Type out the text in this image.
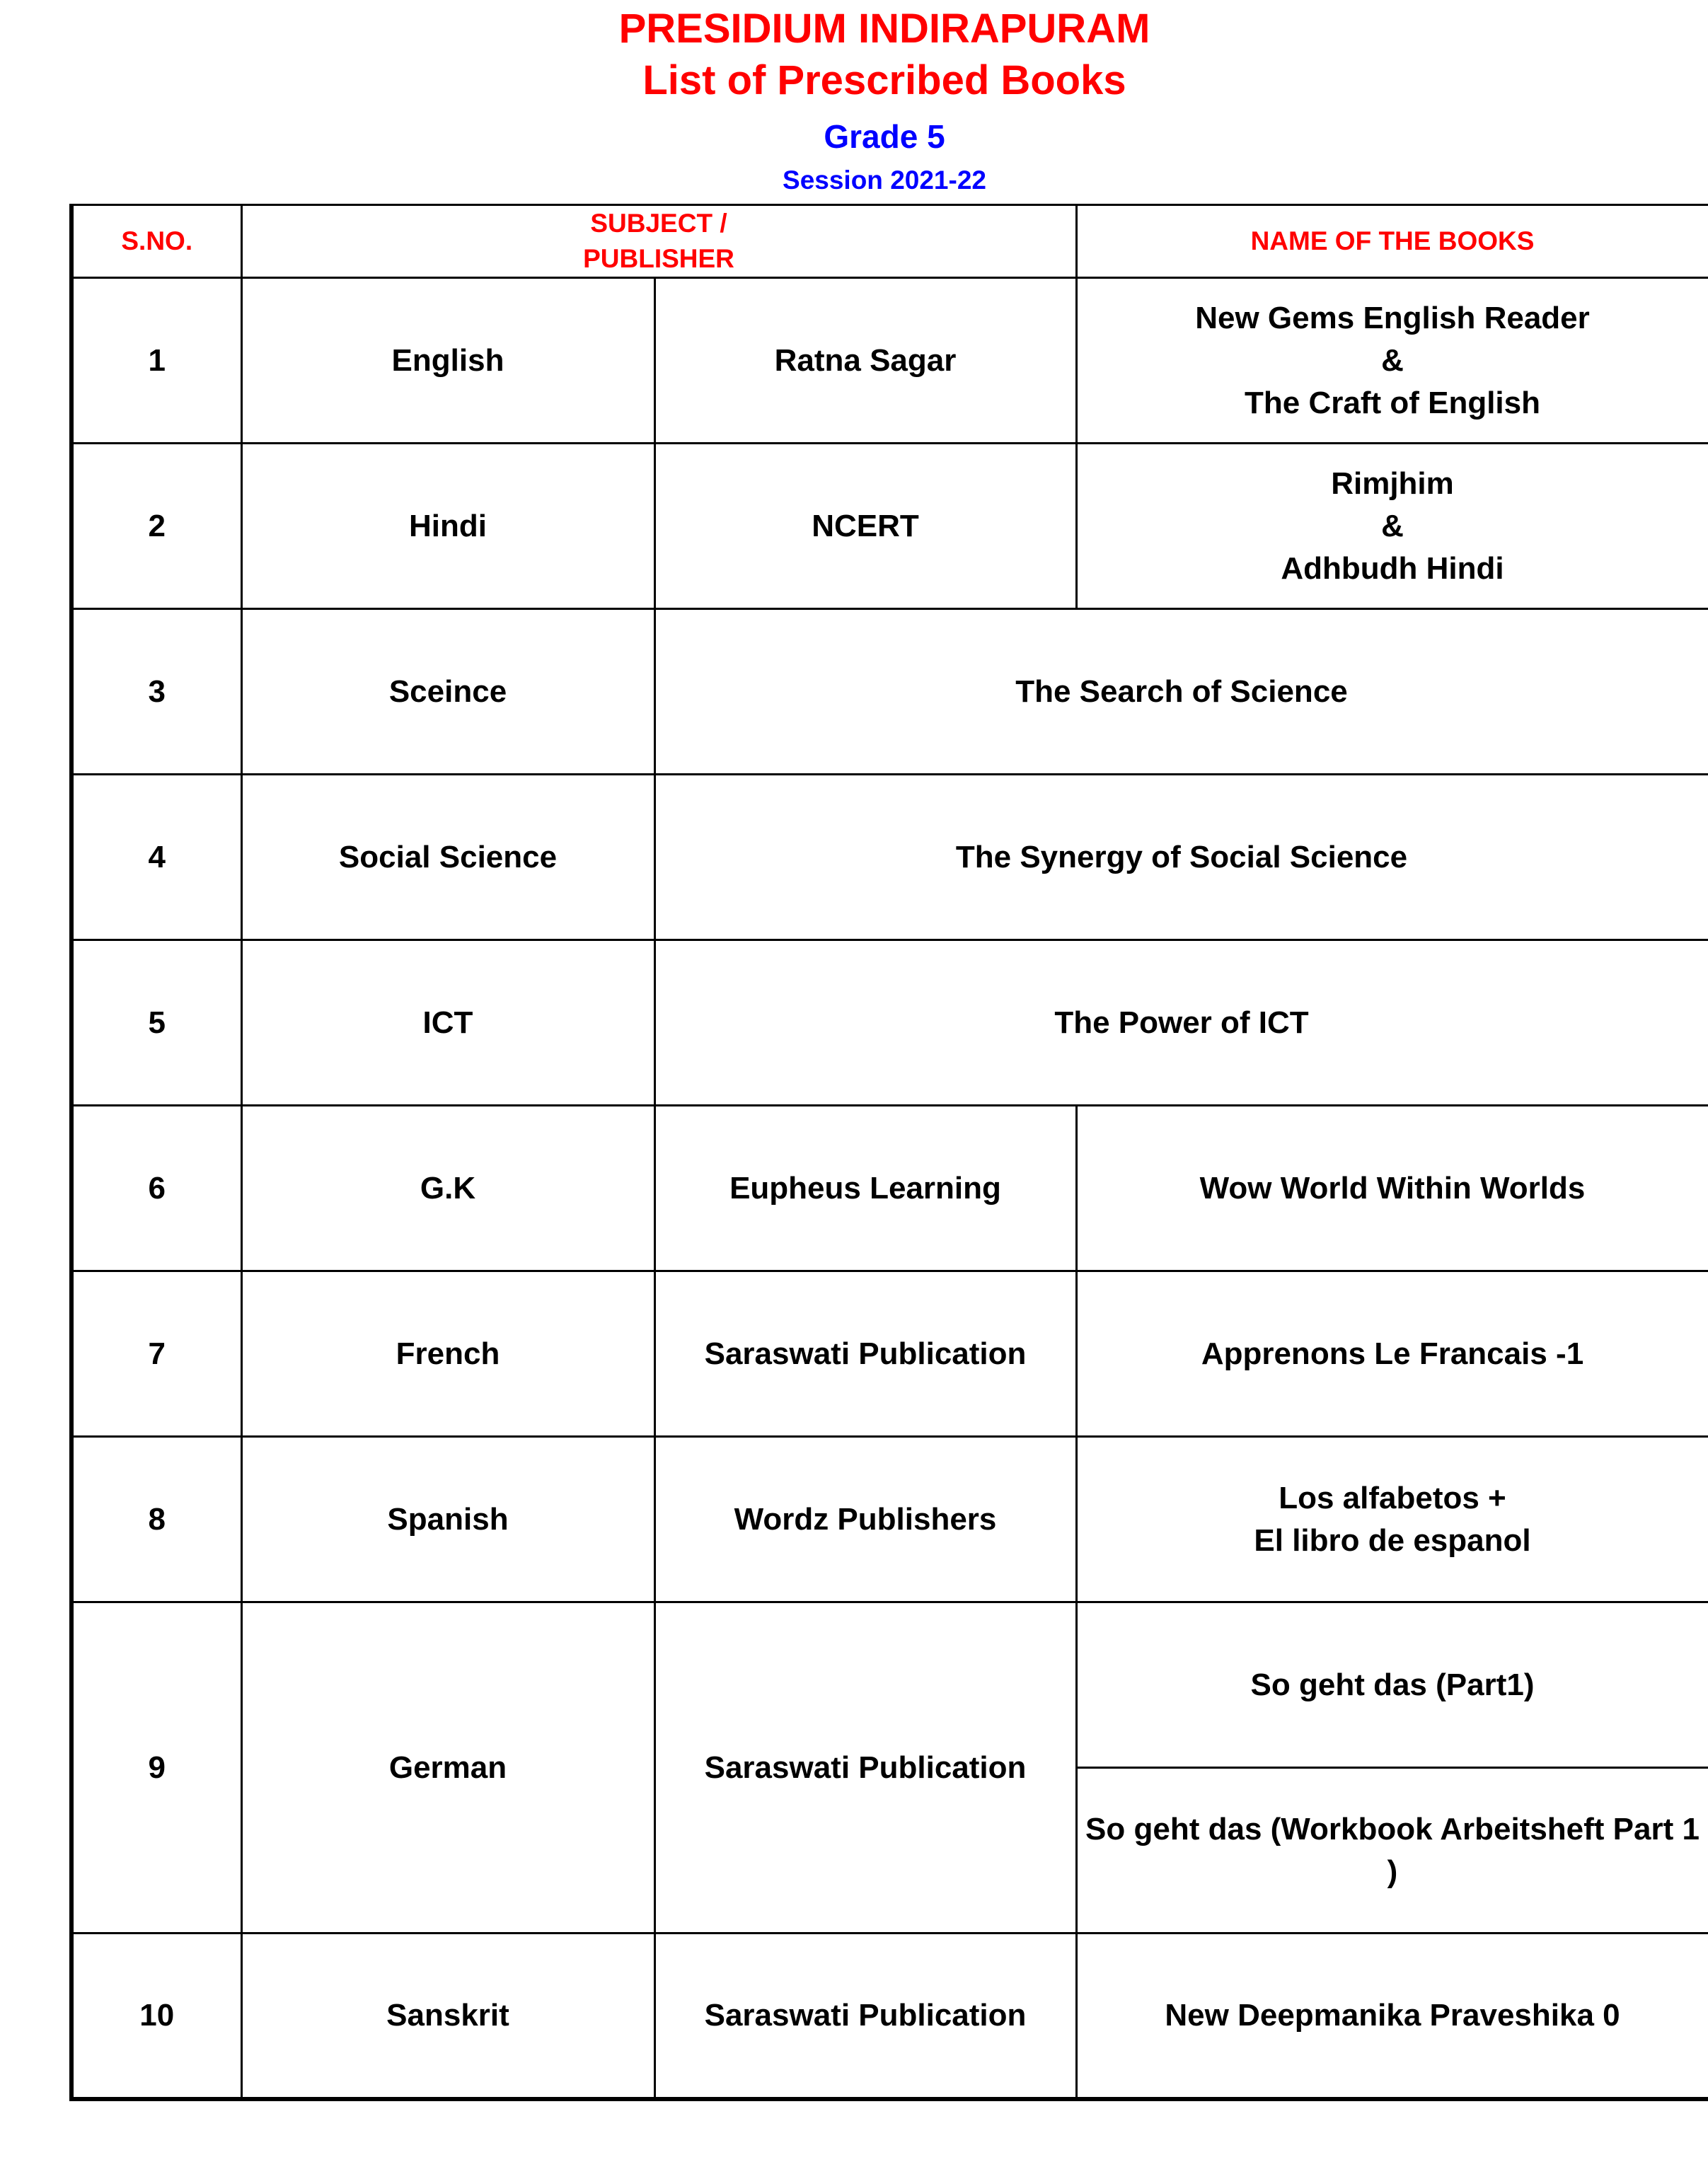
PRESIDIUM INDIRAPURAM
List of Prescribed Books
Grade 5
Session 2021-22
S.NO.	SUBJECT /
PUBLISHER		NAME OF THE BOOKS
1	English	Ratna Sagar	New Gems English Reader
&
The Craft of English

2	Hindi	NCERT	Rimjhim
&
Adhbudh Hindi

3	Sceince	The Search of Science	
4	Social Science	The Synergy of Social Science	
5	ICT	The Power of ICT	
6	G.K	Eupheus Learning	Wow World Within Worlds
7	French	Saraswati Publication	Apprenons Le Francais -1
8	Spanish	Wordz Publishers	Los alfabetos +
El libro de espanol

9	German	Saraswati Publication	So geht das (Part1)
			So geht das (Workbook Arbeitsheft Part 1 )
10	Sanskrit	Saraswati Publication	New Deepmanika Praveshika 0
